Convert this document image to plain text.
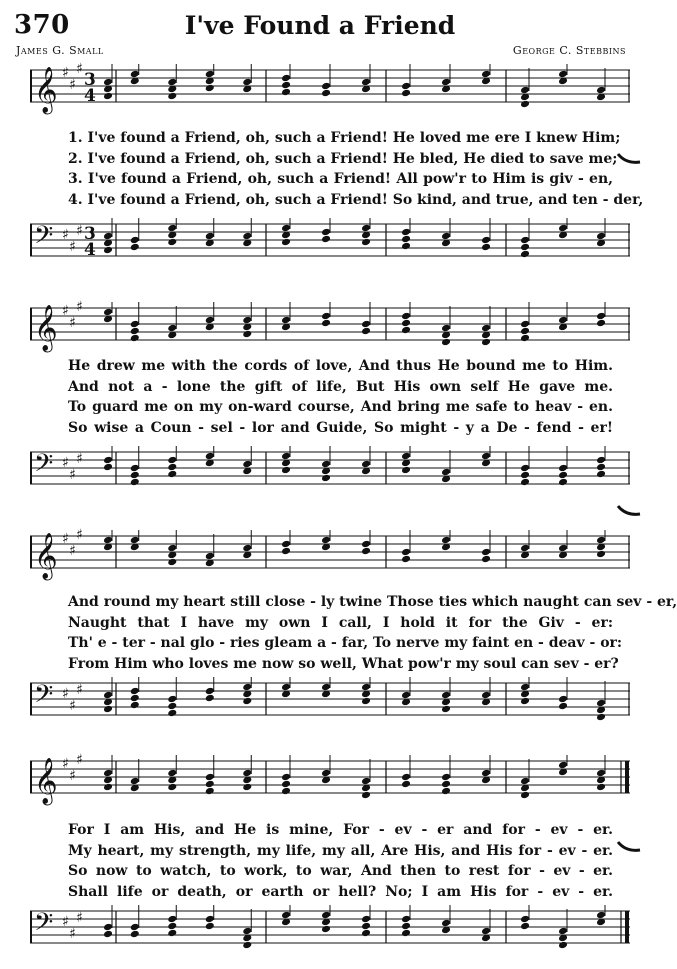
370	I've Found a Friend
James G. Small	George C. Stebbins
𝄞 ♯
♯
♯
3
4
1. I've found a Friend, oh, such a Friend! He loved me ere I knew Him;
2. I've found a Friend, oh, such a Friend! He bled, He died to save me;
3. I've found a Friend, oh, such a Friend! All pow'r to Him is giv - en,
4. I've found a Friend, oh, such a Friend! So kind, and true, and ten - der,
𝄢 ♯
♯
♯ 3
4
𝄞 ♯
♯
♯
He drew me with the cords of love, And thus He bound me to Him.
And not a - lone the gift of life, But His own self He gave me.
To guard me on my on-ward course, And bring me safe to heav - en.
So wise a Coun - sel - lor and Guide, So might - y a De - fend - er!
𝄢 ♯
♯
♯
𝄞 ♯
♯
♯
And round my heart still close - ly twine Those ties which naught can sev - er,
Naught that I have my own I call, I hold it for the Giv - er:
Th' e - ter - nal glo - ries gleam a - far, To nerve my faint en - deav - or:
From Him who loves me now so well, What pow'r my soul can sev - er?
𝄢 ♯
♯
♯
𝄞 ♯
♯
♯
For I am His, and He is mine, For - ev - er and for - ev - er.
My heart, my strength, my life, my all, Are His, and His for - ev - er.
So now to watch, to work, to war, And then to rest for - ev - er.
Shall life or death, or earth or hell? No; I am His for - ev - er.
𝄢 ♯
♯
♯
